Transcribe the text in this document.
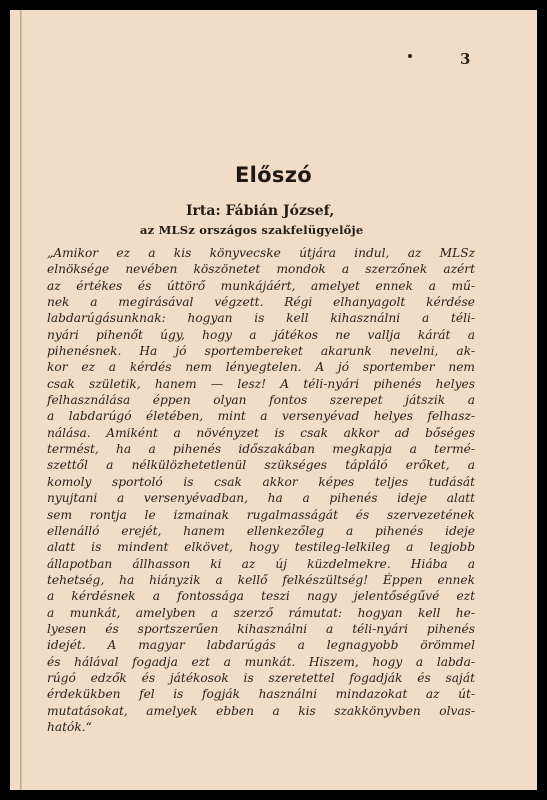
3
Előszó
Irta: Fábián József,
az MLSz országos szakfelügyelője
„Amikor ez a kis könyvecske útjára indul, az MLSz
elnöksége nevében köszönetet mondok a szerzőnek azért
az értékes és úttörő munkájáért, amelyet ennek a mű-
nek a megirásával végzett. Régi elhanyagolt kérdése
labdarúgásunknak: hogyan is kell kihasználni a téli-
nyári pihenőt úgy, hogy a játékos ne vallja kárát a
pihenésnek. Ha jó sportembereket akarunk nevelni, ak-
kor ez a kérdés nem lényegtelen. A jó sportember nem
csak születik, hanem — lesz! A téli-nyári pihenés helyes
felhasználása éppen olyan fontos szerepet játszik a
a labdarúgó életében, mint a versenyévad helyes felhasz-
nálása. Amiként a növényzet is csak akkor ad bőséges
termést, ha a pihenés időszakában megkapja a termé-
szettől a nélkülözhetetlenül szükséges tápláló erőket, a
komoly sportoló is csak akkor képes teljes tudását
nyujtani a versenyévadban, ha a pihenés ideje alatt
sem rontja le izmainak rugalmasságát és szervezetének
ellenálló erejét, hanem ellenkezőleg a pihenés ideje
alatt is mindent elkövet, hogy testileg-lelkileg a legjobb
állapotban állhasson ki az új küzdelmekre. Hiába a
tehetség, ha hiányzik a kellő felkészültség! Éppen ennek
a kérdésnek a fontossága teszi nagy jelentőségűvé ezt
a munkát, amelyben a szerző rámutat: hogyan kell he-
lyesen és sportszerűen kihasználni a téli-nyári pihenés
idejét. A magyar labdarúgás a legnagyobb örömmel
és hálával fogadja ezt a munkát. Hiszem, hogy a labda-
rúgó edzők és játékosok is szeretettel fogadják és saját
érdekükben fel is fogják használni mindazokat az út-
mutatásokat, amelyek ebben a kis szakkönyvben olvas-
hatók.“
